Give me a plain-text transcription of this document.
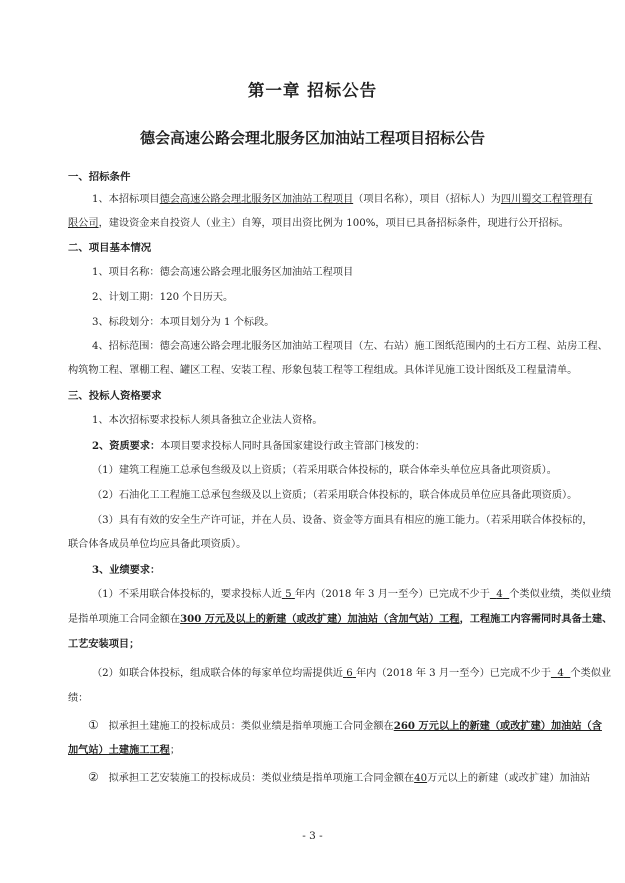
第一章 招标公告
德会高速公路会理北服务区加油站工程项目招标公告
一、招标条件
1、本招标项目德会高速公路会理北服务区加油站工程项目（项目名称），项目（招标人）为四川蜀交工程管理有
限公司，建设资金来自投资人（业主）自筹，项目出资比例为 100%，项目已具备招标条件，现进行公开招标。
二、项目基本情况
1、项目名称：德会高速公路会理北服务区加油站工程项目
2、计划工期：120 个日历天。
3、标段划分：本项目划分为 1 个标段。
4、招标范围：德会高速公路会理北服务区加油站工程项目（左、右站）施工图纸范围内的土石方工程、站房工程、
构筑物工程、罩棚工程、罐区工程、安装工程、形象包装工程等工程组成。具体详见施工设计图纸及工程量清单。
三、投标人资格要求
1、本次招标要求投标人须具备独立企业法人资格。
2、资质要求：本项目要求投标人同时具备国家建设行政主管部门核发的：
（1）建筑工程施工总承包叁级及以上资质；（若采用联合体投标的，联合体牵头单位应具备此项资质）。
（2）石油化工工程施工总承包叁级及以上资质；（若采用联合体投标的，联合体成员单位应具备此项资质）。
（3）具有有效的安全生产许可证，并在人员、设备、资金等方面具有相应的施工能力。（若采用联合体投标的，
联合体各成员单位均应具备此项资质）。
3、业绩要求：
（1）不采用联合体投标的，要求投标人近 5 年内（2018 年 3 月一至今）已完成不少于 4 个类似业绩，类似业绩
是指单项施工合同金额在300 万元及以上的新建（或改扩建）加油站（含加气站）工程，工程施工内容需同时具备土建、
工艺安装项目；
（2）如联合体投标，组成联合体的每家单位均需提供近 6 年内（2018 年 3 月一至今）已完成不少于 4 个类似业
绩：
① 拟承担土建施工的投标成员：类似业绩是指单项施工合同金额在260 万元以上的新建（或改扩建）加油站（含
加气站）土建施工工程；
② 拟承担工艺安装施工的投标成员：类似业绩是指单项施工合同金额在40万元以上的新建（或改扩建）加油站
- 3 -
